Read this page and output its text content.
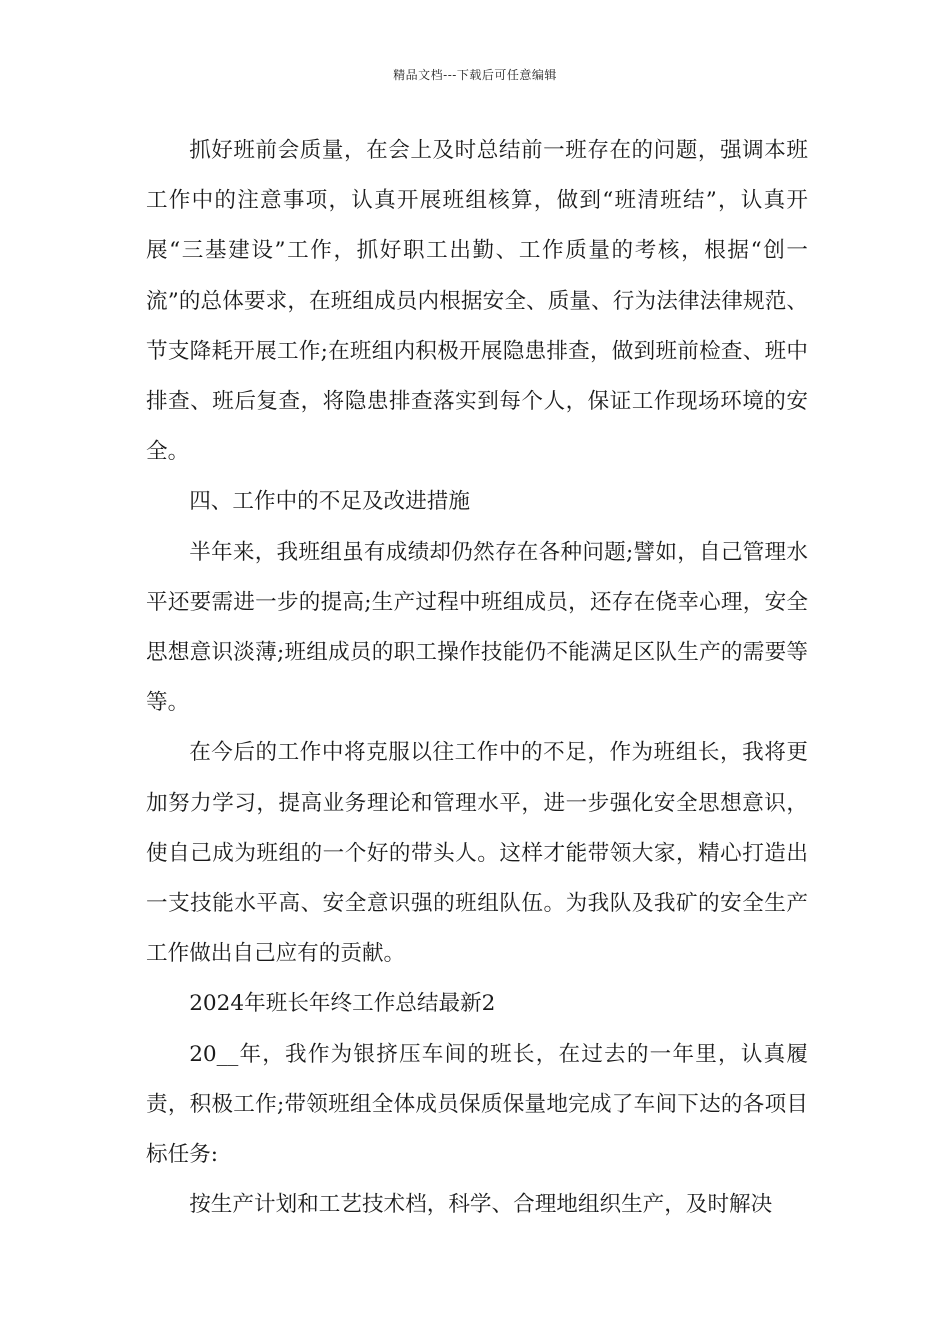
精品文档---下载后可任意编辑

抓好班前会质量，在会上及时总结前一班存在的问题，强调本班工作中的注意事项，认真开展班组核算，做到“班清班结”，认真开展“三基建设”工作，抓好职工出勤、工作质量的考核，根据“创一流”的总体要求，在班组成员内根据安全、质量、行为法律法律规范、节支降耗开展工作;在班组内积极开展隐患排查，做到班前检查、班中排查、班后复查，将隐患排查落实到每个人，保证工作现场环境的安全。

四、工作中的不足及改进措施

半年来，我班组虽有成绩却仍然存在各种问题;譬如，自己管理水平还要需进一步的提高;生产过程中班组成员，还存在侥幸心理，安全思想意识淡薄;班组成员的职工操作技能仍不能满足区队生产的需要等等。

在今后的工作中将克服以往工作中的不足，作为班组长，我将更加努力学习，提高业务理论和管理水平，进一步强化安全思想意识，使自己成为班组的一个好的带头人。这样才能带领大家，精心打造出一支技能水平高、安全意识强的班组队伍。为我队及我矿的安全生产工作做出自己应有的贡献。

2024年班长年终工作总结最新2

20__年，我作为银挤压车间的班长，在过去的一年里，认真履责，积极工作;带领班组全体成员保质保量地完成了车间下达的各项目标任务:

按生产计划和工艺技术档，科学、合理地组织生产，及时解决
